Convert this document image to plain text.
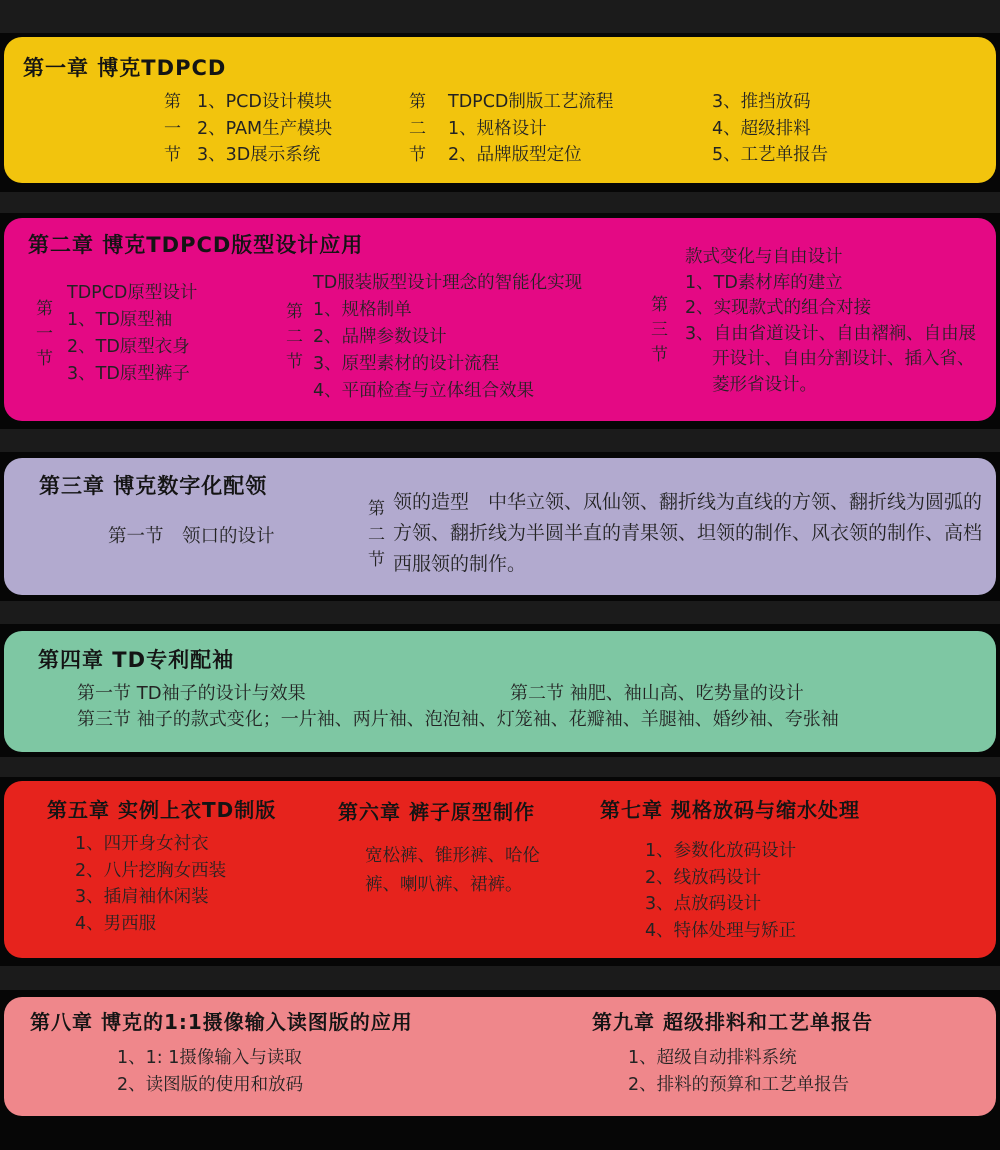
第一章 博克TDPCD
第一节
1、PCD设计模块
2、PAM生产模块
3、3D展示系统
第二节
TDPCD制版工艺流程
1、规格设计
2、品牌版型定位
3、推挡放码
4、超级排料
5、工艺单报告
第二章 博克TDPCD版型设计应用
第一节
TDPCD原型设计
1、TD原型袖
2、TD原型衣身
3、TD原型裤子
第二节
TD服装版型设计理念的智能化实现
1、规格制单
2、品牌参数设计
3、原型素材的设计流程
4、平面检查与立体组合效果
第三节
款式变化与自由设计
1、TD素材库的建立
2、实现款式的组合对接
3、自由省道设计、自由褶裥、自由展开设计、自由分割设计、插入省、菱形省设计。
第三章 博克数字化配领
第一节　领口的设计
第二节
领的造型　中华立领、凤仙领、翻折线为直线的方领、翻折线为圆弧的方领、翻折线为半圆半直的青果领、坦领的制作、风衣领的制作、高档西服领的制作。
第四章 TD专利配袖
第一节 TD袖子的设计与效果	第二节 袖肥、袖山高、吃势量的设计
第三节 袖子的款式变化；一片袖、两片袖、泡泡袖、灯笼袖、花瓣袖、羊腿袖、婚纱袖、夸张袖
第五章 实例上衣TD制版
1、四开身女衬衣
2、八片挖胸女西装
3、插肩袖休闲装
4、男西服
第六章 裤子原型制作
宽松裤、锥形裤、哈伦裤、喇叭裤、裙裤。
第七章 规格放码与缩水处理
1、参数化放码设计
2、线放码设计
3、点放码设计
4、特体处理与矫正
第八章 博克的1:1摄像输入读图版的应用
1、1: 1摄像输入与读取
2、读图版的使用和放码
第九章 超级排料和工艺单报告
1、超级自动排料系统
2、排料的预算和工艺单报告
